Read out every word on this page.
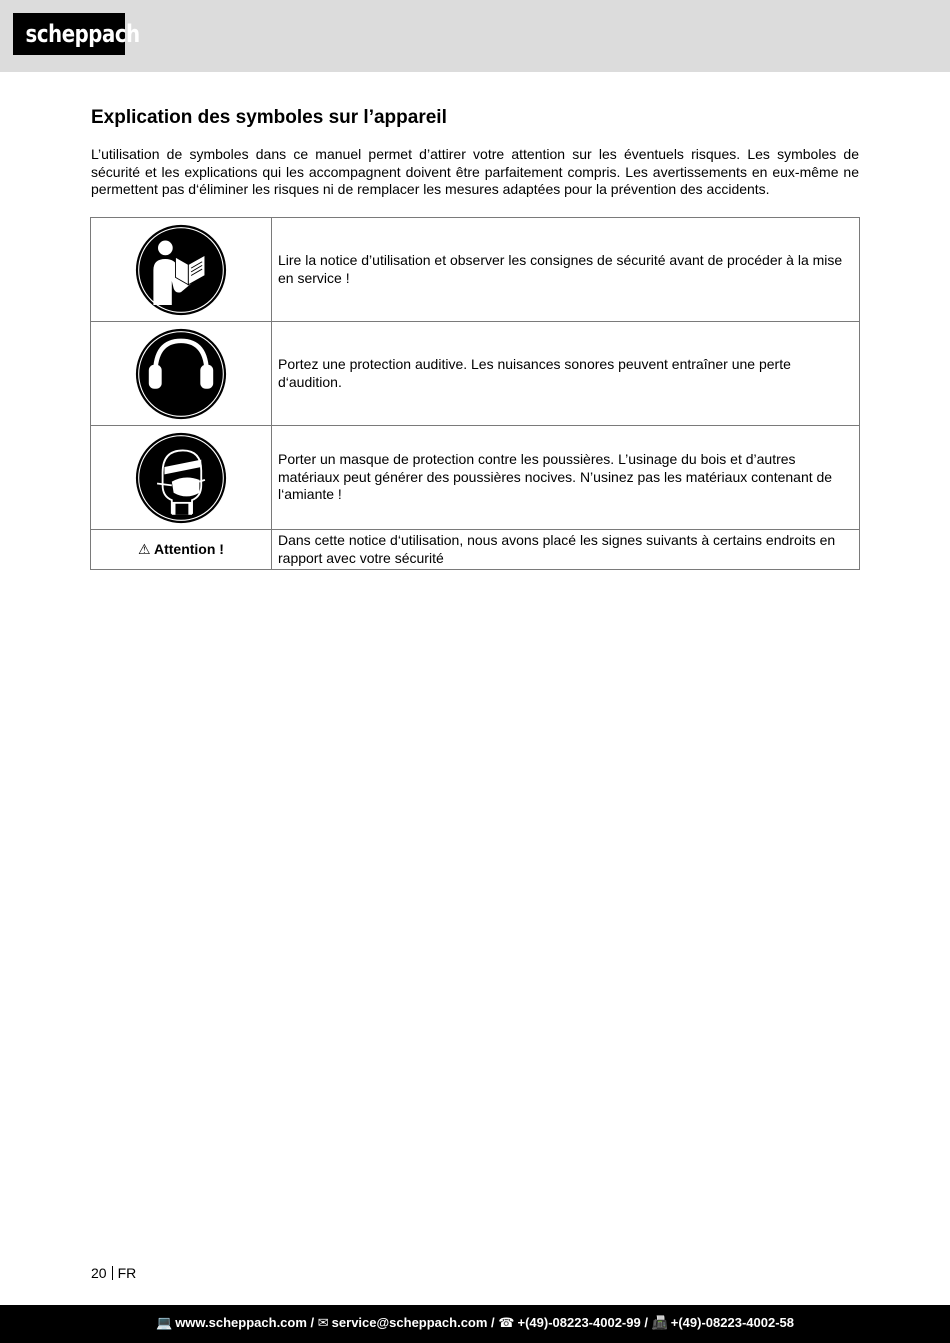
scheppach
Explication des symboles sur l’appareil

L’utilisation de symboles dans ce manuel permet d’attirer votre attention sur les éventuels risques. Les symboles de sécurité et les explications qui les accompagnent doivent être parfaitement compris. Les avertissements en eux-même ne permettent pas d‘éliminer les risques ni de remplacer les mesures adaptées pour la prévention des accidents.

	Lire la notice d’utilisation et observer les consignes de sécurité avant de procéder à la mise en service !

	Portez une protection auditive. Les nuisances sonores peuvent entraîner une perte d‘audition.

	Porter un masque de protection contre les poussières. L’usinage du bois et d’autres matériaux peut générer des poussières nocives. N’usinez pas les matériaux contenant de l‘amiante !
⚠ Attention !	Dans cette notice d‘utilisation, nous avons placé les signes suivants à certains endroits en rapport avec votre sécurité
20 FR
💻 www.scheppach.com / ✉ service@scheppach.com / ☎ +(49)-08223-4002-99 / 📠 +(49)-08223-4002-58
